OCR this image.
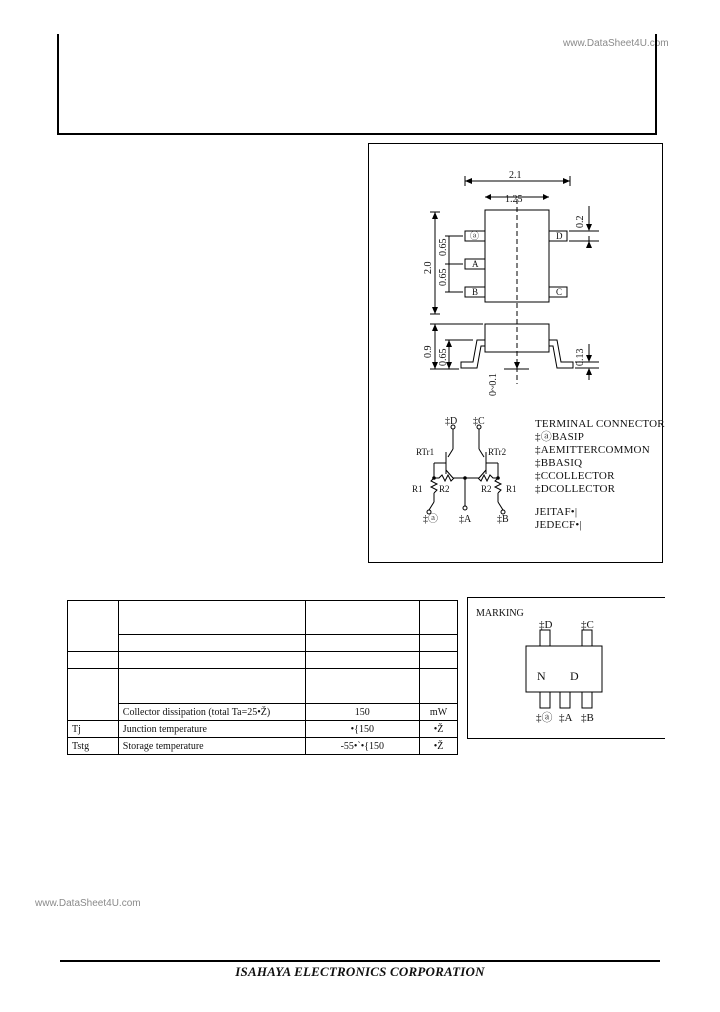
www.DataSheet4U.com
www.DataSheet4U.com
ⓐ
A
B
D
C
2.1
1.25
2.0
0.65
0.65
0.2
0.9 0.65	0.13
0~0.1
‡D ‡C
RTr1	RTr2
R1 R2	R2 R1
‡ⓐ ‡A	‡B
TERMINAL CONNECTOR
‡ⓐBASIP
‡AEMITTERCOMMON
‡BBASIQ
‡CCOLLECTOR
‡DCOLLECTOR
JEITAF•|
JEDECF•|

	Collector dissipation (total Ta=25•Ž)	150	mW
Tj	Junction temperature	•{150	•Ž
Tstg	Storage temperature	-55•`•{150	•Ž
MARKING
‡D	‡C
N D
‡ⓐ ‡A ‡B
ISAHAYA ELECTRONICS CORPORATION
